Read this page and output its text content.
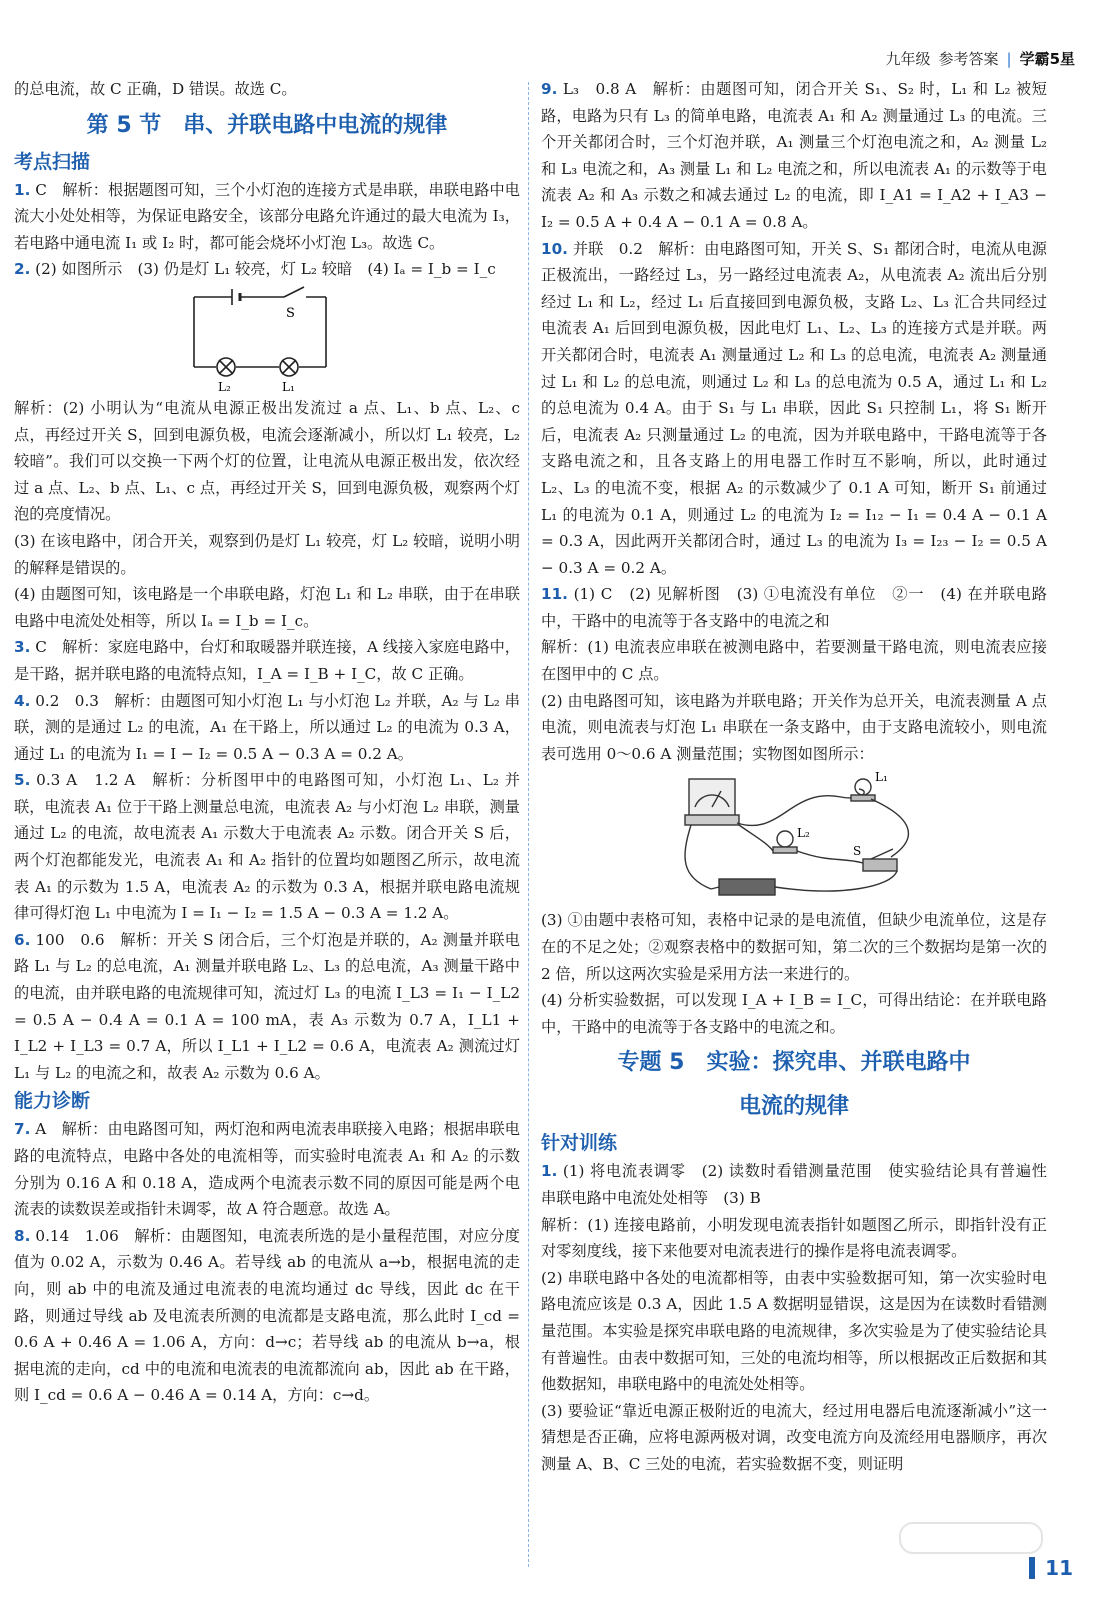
九年级 参考答案 | 学霸5星
的总电流，故 C 正确，D 错误。故选 C。
第 5 节　串、并联电路中电流的规律
考点扫描
1. C　解析：根据题图可知，三个小灯泡的连接方式是串联，串联电路中电流大小处处相等，为保证电路安全，该部分电路允许通过的最大电流为 I₃，若电路中通电流 I₁ 或 I₂ 时，都可能会烧坏小灯泡 L₃。故选 C。
2. (2) 如图所示　(3) 仍是灯 L₁ 较亮，灯 L₂ 较暗　(4) Iₐ = I_b = I_c
S
L₂	L₁
解析：(2) 小明认为“电流从电源正极出发流过 a 点、L₁、b 点、L₂、c 点，再经过开关 S，回到电源负极，电流会逐渐减小，所以灯 L₁ 较亮，L₂ 较暗”。我们可以交换一下两个灯的位置，让电流从电源正极出发，依次经过 a 点、L₂、b 点、L₁、c 点，再经过开关 S，回到电源负极，观察两个灯泡的亮度情况。
(3) 在该电路中，闭合开关，观察到仍是灯 L₁ 较亮，灯 L₂ 较暗，说明小明的解释是错误的。
(4) 由题图可知，该电路是一个串联电路，灯泡 L₁ 和 L₂ 串联，由于在串联电路中电流处处相等，所以 Iₐ = I_b = I_c。
3. C　解析：家庭电路中，台灯和取暖器并联连接，A 线接入家庭电路中，是干路，据并联电路的电流特点知，I_A = I_B + I_C，故 C 正确。
4. 0.2　0.3　解析：由题图可知小灯泡 L₁ 与小灯泡 L₂ 并联，A₂ 与 L₂ 串联，测的是通过 L₂ 的电流，A₁ 在干路上，所以通过 L₂ 的电流为 0.3 A，通过 L₁ 的电流为 I₁ = I − I₂ = 0.5 A − 0.3 A = 0.2 A。
5. 0.3 A　1.2 A　解析：分析图甲中的电路图可知，小灯泡 L₁、L₂ 并联，电流表 A₁ 位于干路上测量总电流，电流表 A₂ 与小灯泡 L₂ 串联，测量通过 L₂ 的电流，故电流表 A₁ 示数大于电流表 A₂ 示数。闭合开关 S 后，两个灯泡都能发光，电流表 A₁ 和 A₂ 指针的位置均如题图乙所示，故电流表 A₁ 的示数为 1.5 A，电流表 A₂ 的示数为 0.3 A，根据并联电路电流规律可得灯泡 L₁ 中电流为 I = I₁ − I₂ = 1.5 A − 0.3 A = 1.2 A。
6. 100　0.6　解析：开关 S 闭合后，三个灯泡是并联的，A₂ 测量并联电路 L₁ 与 L₂ 的总电流，A₁ 测量并联电路 L₂、L₃ 的总电流，A₃ 测量干路中的电流，由并联电路的电流规律可知，流过灯 L₃ 的电流 I_L3 = I₁ − I_L2 = 0.5 A − 0.4 A = 0.1 A = 100 mA，表 A₃ 示数为 0.7 A，I_L1 + I_L2 + I_L3 = 0.7 A，所以 I_L1 + I_L2 = 0.6 A，电流表 A₂ 测流过灯 L₁ 与 L₂ 的电流之和，故表 A₂ 示数为 0.6 A。
能力诊断
7. A　解析：由电路图可知，两灯泡和两电流表串联接入电路；根据串联电路的电流特点，电路中各处的电流相等，而实验时电流表 A₁ 和 A₂ 的示数分别为 0.16 A 和 0.18 A，造成两个电流表示数不同的原因可能是两个电流表的读数误差或指针未调零，故 A 符合题意。故选 A。
8. 0.14　1.06　解析：由题图知，电流表所选的是小量程范围，对应分度值为 0.02 A，示数为 0.46 A。若导线 ab 的电流从 a→b，根据电流的走向，则 ab 中的电流及通过电流表的电流均通过 dc 导线，因此 dc 在干路，则通过导线 ab 及电流表所测的电流都是支路电流，那么此时 I_cd = 0.6 A + 0.46 A = 1.06 A，方向：d→c；若导线 ab 的电流从 b→a，根据电流的走向，cd 中的电流和电流表的电流都流向 ab，因此 ab 在干路，则 I_cd = 0.6 A − 0.46 A = 0.14 A，方向：c→d。
9. L₃　0.8 A　解析：由题图可知，闭合开关 S₁、S₂ 时，L₁ 和 L₂ 被短路，电路为只有 L₃ 的简单电路，电流表 A₁ 和 A₂ 测量通过 L₃ 的电流。三个开关都闭合时，三个灯泡并联，A₁ 测量三个灯泡电流之和，A₂ 测量 L₂ 和 L₃ 电流之和，A₃ 测量 L₁ 和 L₂ 电流之和，所以电流表 A₁ 的示数等于电流表 A₂ 和 A₃ 示数之和减去通过 L₂ 的电流，即 I_A1 = I_A2 + I_A3 − I₂ = 0.5 A + 0.4 A − 0.1 A = 0.8 A。
10. 并联　0.2　解析：由电路图可知，开关 S、S₁ 都闭合时，电流从电源正极流出，一路经过 L₃，另一路经过电流表 A₂，从电流表 A₂ 流出后分别经过 L₁ 和 L₂，经过 L₁ 后直接回到电源负极，支路 L₂、L₃ 汇合共同经过电流表 A₁ 后回到电源负极，因此电灯 L₁、L₂、L₃ 的连接方式是并联。两开关都闭合时，电流表 A₁ 测量通过 L₂ 和 L₃ 的总电流，电流表 A₂ 测量通过 L₁ 和 L₂ 的总电流，则通过 L₂ 和 L₃ 的总电流为 0.5 A，通过 L₁ 和 L₂ 的总电流为 0.4 A。由于 S₁ 与 L₁ 串联，因此 S₁ 只控制 L₁，将 S₁ 断开后，电流表 A₂ 只测量通过 L₂ 的电流，因为并联电路中，干路电流等于各支路电流之和，且各支路上的用电器工作时互不影响，所以，此时通过 L₂、L₃ 的电流不变，根据 A₂ 的示数减少了 0.1 A 可知，断开 S₁ 前通过 L₁ 的电流为 0.1 A，则通过 L₂ 的电流为 I₂ = I₁₂ − I₁ = 0.4 A − 0.1 A = 0.3 A，因此两开关都闭合时，通过 L₃ 的电流为 I₃ = I₂₃ − I₂ = 0.5 A − 0.3 A = 0.2 A。
11. (1) C　(2) 见解析图　(3) ①电流没有单位　②一　(4) 在并联电路中，干路中的电流等于各支路中的电流之和
解析：(1) 电流表应串联在被测电路中，若要测量干路电流，则电流表应接在图甲中的 C 点。
(2) 由电路图可知，该电路为并联电路；开关作为总开关，电流表测量 A 点电流，则电流表与灯泡 L₁ 串联在一条支路中，由于支路电流较小，则电流表可选用 0～0.6 A 测量范围；实物图如图所示：
L₁
L₂
S
(3) ①由题中表格可知，表格中记录的是电流值，但缺少电流单位，这是存在的不足之处；②观察表格中的数据可知，第二次的三个数据均是第一次的 2 倍，所以这两次实验是采用方法一来进行的。
(4) 分析实验数据，可以发现 I_A + I_B = I_C，可得出结论：在并联电路中，干路中的电流等于各支路中的电流之和。
专题 5　实验：探究串、并联电路中
电流的规律
针对训练
1. (1) 将电流表调零　(2) 读数时看错测量范围　使实验结论具有普遍性　串联电路中电流处处相等　(3) B
解析：(1) 连接电路前，小明发现电流表指针如题图乙所示，即指针没有正对零刻度线，接下来他要对电流表进行的操作是将电流表调零。
(2) 串联电路中各处的电流都相等，由表中实验数据可知，第一次实验时电路电流应该是 0.3 A，因此 1.5 A 数据明显错误，这是因为在读数时看错测量范围。本实验是探究串联电路的电流规律，多次实验是为了使实验结论具有普遍性。由表中数据可知，三处的电流均相等，所以根据改正后数据和其他数据知，串联电路中的电流处处相等。
(3) 要验证“靠近电源正极附近的电流大，经过用电器后电流逐渐减小”这一猜想是否正确，应将电源两极对调，改变电流方向及流经用电器顺序，再次测量 A、B、C 三处的电流，若实验数据不变，则证明
11
